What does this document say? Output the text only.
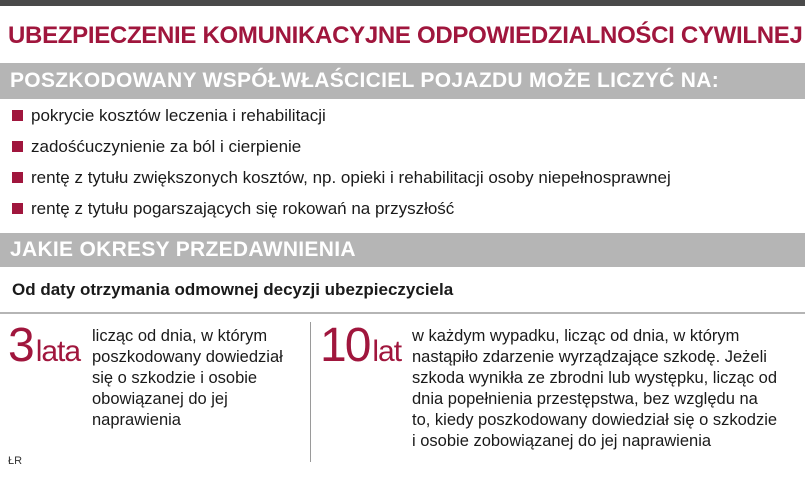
UBEZPIECZENIE KOMUNIKACYJNE ODPOWIEDZIALNOŚCI CYWILNEJ
POSZKODOWANY WSPÓŁWŁAŚCICIEL POJAZDU MOŻE LICZYĆ NA:
pokrycie kosztów leczenia i rehabilitacji
zadośćuczynienie za ból i cierpienie
rentę z tytułu zwiększonych kosztów, np. opieki i rehabilitacji osoby niepełnosprawnej
rentę z tytułu pogarszających się rokowań na przyszłość
JAKIE OKRESY PRZEDAWNIENIA
Od daty otrzymania odmownej decyzji ubezpieczyciela
3 lata licząc od dnia, w którym
poszkodowany dowiedział
się o szkodzie i osobie
obowiązanej do jej
naprawienia
10 lat w każdym wypadku, licząc od dnia, w którym
nastąpiło zdarzenie wyrządzające szkodę. Jeżeli
szkoda wynikła ze zbrodni lub występku, licząc od
dnia popełnienia przestępstwa, bez względu na
to, kiedy poszkodowany dowiedział się o szkodzie
i osobie zobowiązanej do jej naprawienia
ŁR
